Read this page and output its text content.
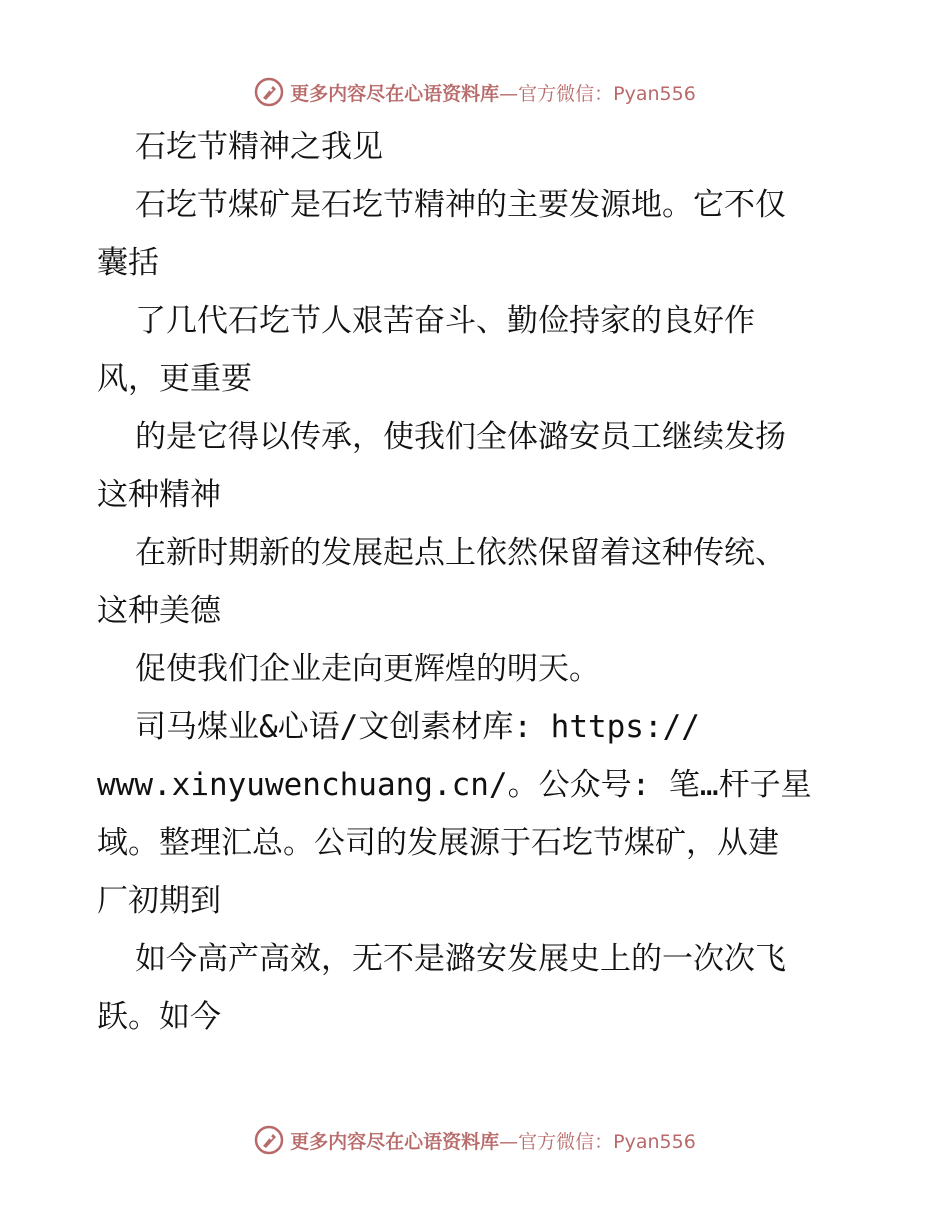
更多内容尽在心语资料库 —官方微信：Pyan556
石圪节精神之我见
石圪节煤矿是石圪节精神的主要发源地。它不仅
囊括
了几代石圪节人艰苦奋斗、勤俭持家的良好作
风，更重要
的是它得以传承，使我们全体潞安员工继续发扬
这种精神
在新时期新的发展起点上依然保留着这种传统、
这种美德
促使我们企业走向更辉煌的明天。
司马煤业&心语/文创素材库: https://
www.xinyuwenchuang.cn/。公众号: 笔…杆子星
域。整理汇总。公司的发展源于石圪节煤矿，从建
厂初期到
如今高产高效，无不是潞安发展史上的一次次飞
跃。如今
更多内容尽在心语资料库 —官方微信：Pyan556
